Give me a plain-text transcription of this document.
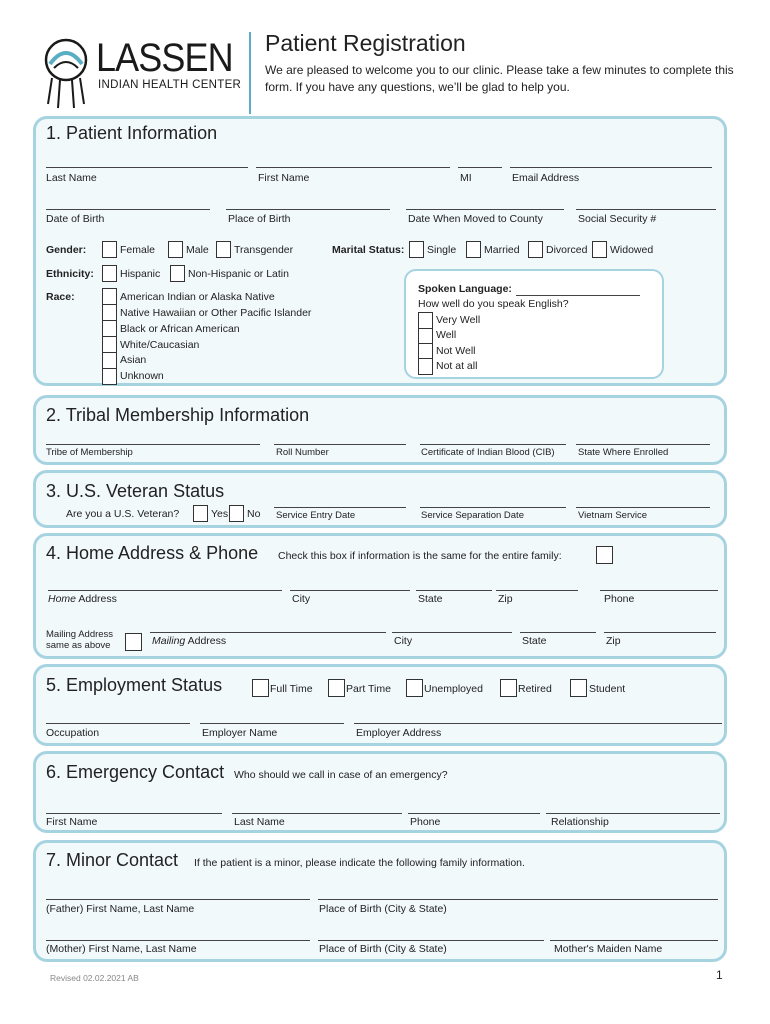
LASSEN
INDIAN HEALTH CENTER
Patient Registration
We are pleased to welcome you to our clinic. Please take a few minutes to complete this form. If you have any questions, we’ll be glad to help you.
1. Patient Information
Last Name	First Name	MI	Email Address
Date of Birth	Place of Birth	Date When Moved to County	Social Security #
Gender:	Female	Male Transgender	Marital Status: Single	Married	Divorced Widowed
Ethnicity: Hispanic	Non-Hispanic or Latin
Race:	American Indian or Alaska Native
Native Hawaiian or Other Pacific Islander
Black or African American
White/Caucasian
Asian
Unknown
Spoken Language:
How well do you speak English?
Very Well
Well
Not Well
Not at all
2. Tribal Membership Information
Tribe of Membership	Roll Number	Certificate of Indian Blood (CIB) State Where Enrolled
3. U.S. Veteran Status
Are you a U.S. Veteran?	Yes No Service Entry Date	Service Separation Date	Vietnam Service
4. Home Address & Phone Check this box if information is the same for the entire family:
Home Address	City	State	Zip	Phone
Mailing Address
same as above	Mailing Address	City	State	Zip
5. Employment Status	Full Time	Part Time	Unemployed	Retired	Student
Occupation	Employer Name	Employer Address
6. Emergency Contact Who should we call in case of an emergency?
First Name	Last Name	Phone	Relationship
7. Minor Contact If the patient is a minor, please indicate the following family information.
(Father) First Name, Last Name	Place of Birth (City & State)
(Mother) First Name, Last Name	Place of Birth (City & State)	Mother's Maiden Name
Revised 02.02.2021 AB	1
